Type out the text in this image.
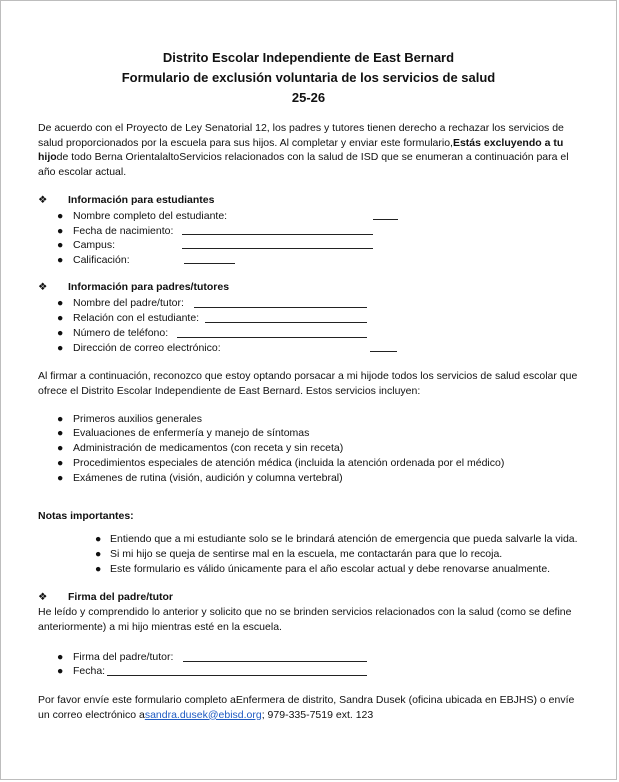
Distrito Escolar Independiente de East Bernard
Formulario de exclusión voluntaria de los servicios de salud
25-26
De acuerdo con el Proyecto de Ley Senatorial 12, los padres y tutores tienen derecho a rechazar los servicios de salud proporcionados por la escuela para sus hijos. Al completar y enviar este formulario,Estás excluyendo a tu hijode todo Berna OrientalaltoServicios relacionados con la salud de ISD que se enumeran a continuación para el año escolar actual.
❖ Información para estudiantes
● Nombre completo del estudiante:
● Fecha de nacimiento:
● Campus:
● Calificación:
❖ Información para padres/tutores
● Nombre del padre/tutor:
● Relación con el estudiante:
● Número de teléfono:
● Dirección de correo electrónico:
Al firmar a continuación, reconozco que estoy optando porsacar a mi hijode todos los servicios de salud escolar que ofrece el Distrito Escolar Independiente de East Bernard. Estos servicios incluyen:
● Primeros auxilios generales
● Evaluaciones de enfermería y manejo de síntomas
● Administración de medicamentos (con receta y sin receta)
● Procedimientos especiales de atención médica (incluida la atención ordenada por el médico)
● Exámenes de rutina (visión, audición y columna vertebral)
Notas importantes:
● Entiendo que a mi estudiante solo se le brindará atención de emergencia que pueda salvarle la vida.
● Si mi hijo se queja de sentirse mal en la escuela, me contactarán para que lo recoja.
● Este formulario es válido únicamente para el año escolar actual y debe renovarse anualmente.
❖ Firma del padre/tutor
He leído y comprendido lo anterior y solicito que no se brinden servicios relacionados con la salud (como se define anteriormente) a mi hijo mientras esté en la escuela.
● Firma del padre/tutor:
● Fecha:
Por favor envíe este formulario completo aEnfermera de distrito, Sandra Dusek (oficina ubicada en EBJHS) o envíe un correo electrónico asandra.dusek@ebisd.org; 979-335-7519 ext. 123
